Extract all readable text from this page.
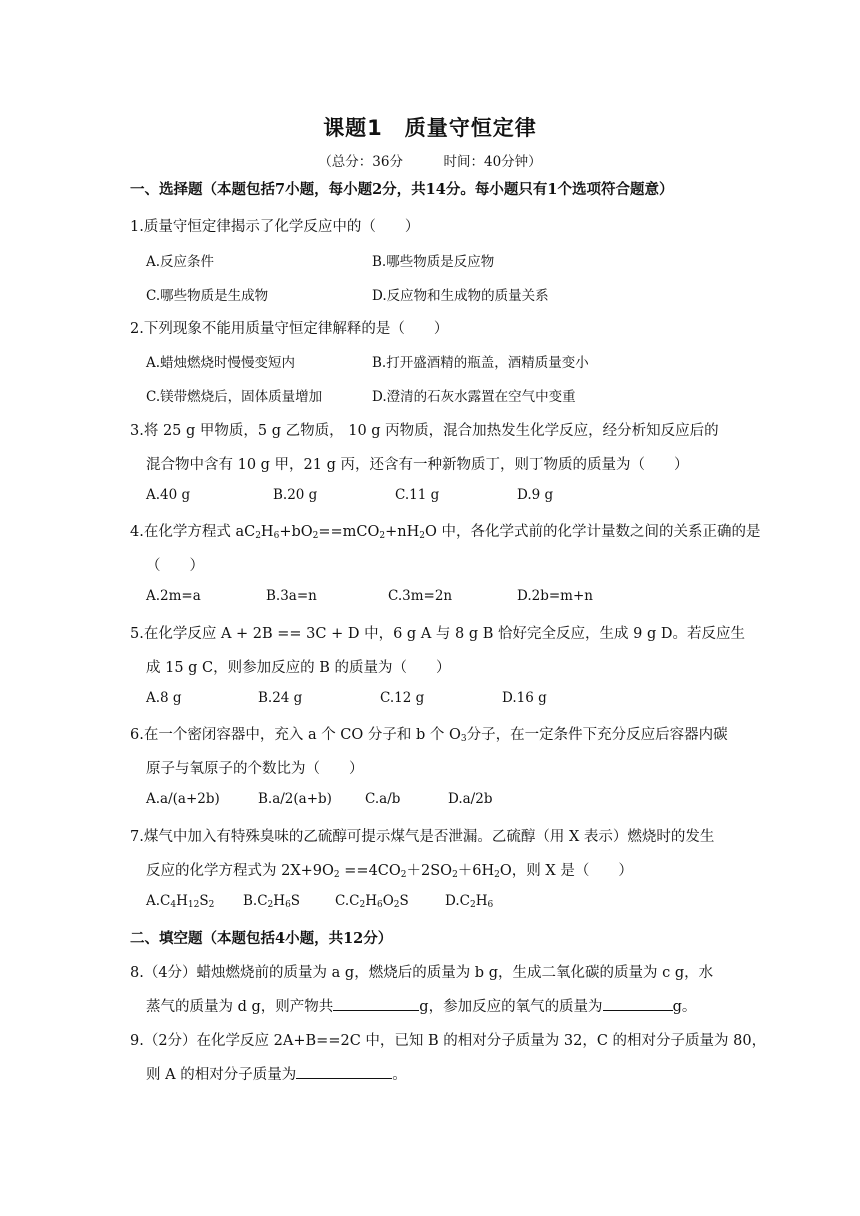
课题1　质量守恒定律
（总分：36分　　　时间：40分钟）
一、选择题（本题包括7小题，每小题2分，共14分。每小题只有1个选项符合题意）
1.质量守恒定律揭示了化学反应中的（　　）
A.反应条件	B.哪些物质是反应物
C.哪些物质是生成物	D.反应物和生成物的质量关系
2.下列现象不能用质量守恒定律解释的是（　　）
A.蜡烛燃烧时慢慢变短内	B.打开盛酒精的瓶盖，酒精质量变小
C.镁带燃烧后，固体质量增加	D.澄清的石灰水露置在空气中变重
3.将 25 g 甲物质，5 g 乙物质， 10 g 丙物质，混合加热发生化学反应，经分析知反应后的
混合物中含有 10 g 甲，21 g 丙，还含有一种新物质丁，则丁物质的质量为（　　）
A.40 g	B.20 g	C.11 g	D.9 g
4.在化学方程式 $aC_2H_6+bO_2==mCO_2+nH_2O$ 中，各化学式前的化学计量数之间的关系正确的是
（　　）
A.2m=a	B.3a=n	C.3m=2n	D.2b=m+n
5.在化学反应 A + 2B == 3C + D 中，6 g A 与 8 g B 恰好完全反应，生成 9 g D。若反应生
成 15 g C，则参加反应的 B 的质量为（　　）
A.8 g	B.24 g	C.12 g	D.16 g
6.在一个密闭容器中，充入 a 个 CO 分子和 b 个 $O_3$分子，在一定条件下充分反应后容器内碳
原子与氧原子的个数比为（　　）
A.a/(a+2b)	B.a/2(a+b) C.a/b	D.a/2b
7.煤气中加入有特殊臭味的乙硫醇可提示煤气是否泄漏。乙硫醇（用 X 表示）燃烧时的发生
反应的化学方程式为 $2X+9O_2 ==4CO_2+2SO_2+6H_2O$，则 X 是（　　）
$A.C_4H_{12}S_2$ $B.C_2H_6S$	$C.C_2H_6O_2S$	$D.C_2H_6$
二、填空题（本题包括4小题，共12分）
8.（4分）蜡烛燃烧前的质量为 a g，燃烧后的质量为 b g，生成二氧化碳的质量为 c g，水
蒸气的质量为 d g，则产物共	g，参加反应的氧气的质量为	g。
9.（2分）在化学反应 2A+B==2C 中，已知 B 的相对分子质量为 32，C 的相对分子质量为 80，
则 A 的相对分子质量为	。
